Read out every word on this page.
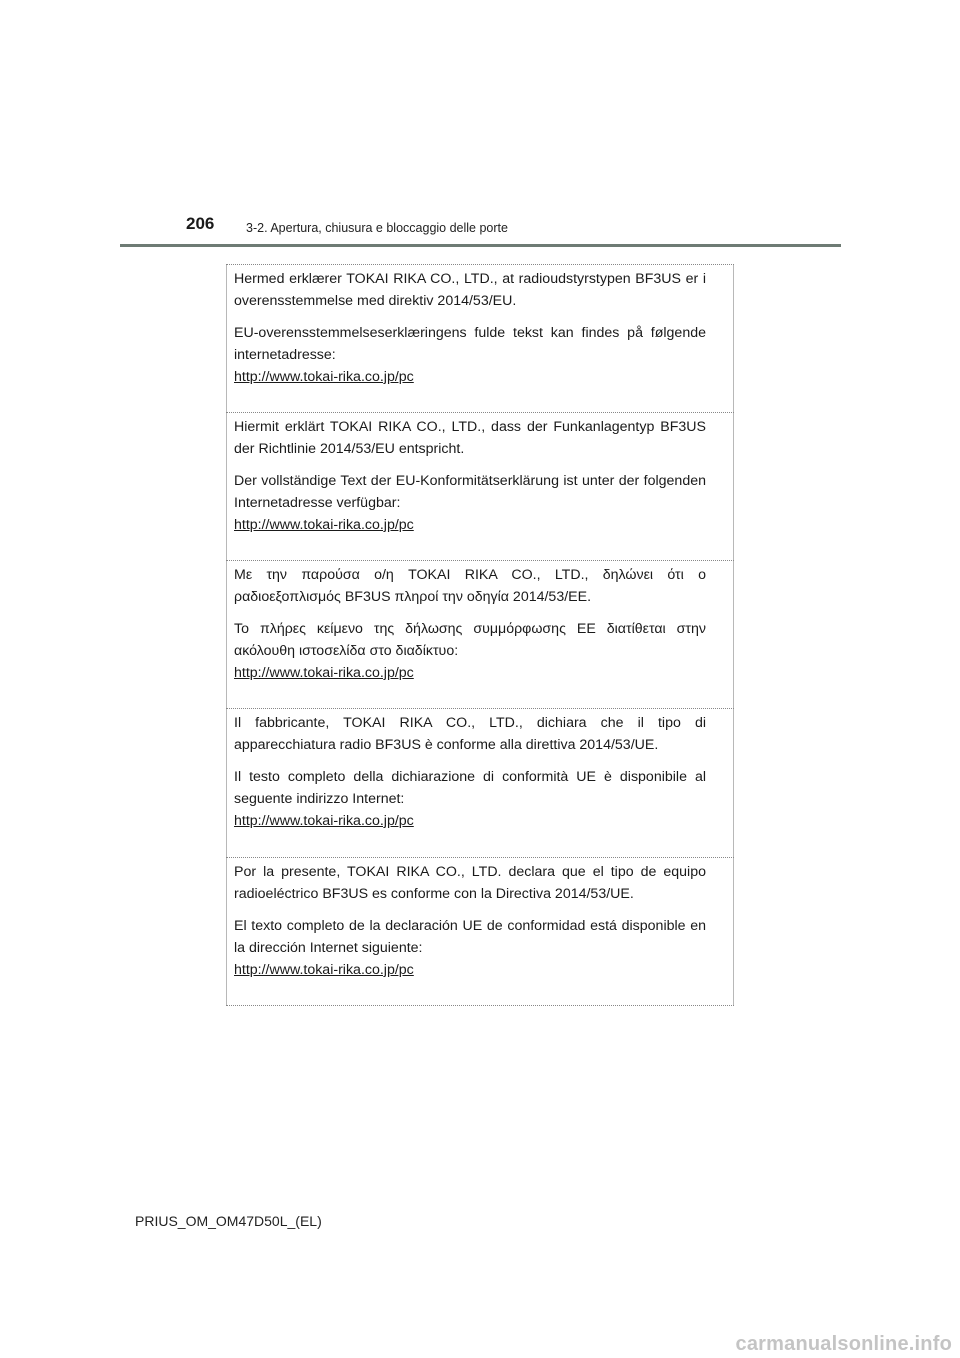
206	3-2. Apertura, chiusura e bloccaggio delle porte

Hermed erklærer TOKAI RIKA CO., LTD., at radioudstyrstypen BF3US er i overensstemmelse med direktiv 2014/53/EU.

EU-overensstemmelseserklæringens fulde tekst kan findes på følgende internetadresse:
http://www.tokai-rika.co.jp/pc

Hiermit erklärt TOKAI RIKA CO., LTD., dass der Funkanlagentyp BF3US der Richtlinie 2014/53/EU entspricht.

Der vollständige Text der EU-Konformitätserklärung ist unter der folgenden Internetadresse verfügbar:
http://www.tokai-rika.co.jp/pc

Με την παρούσα ο/η TOKAI RIKA CO., LTD., δηλώνει ότι ο ραδιοεξοπλισμός BF3US πληροί την οδηγία 2014/53/ΕΕ.

Το πλήρες κείμενο της δήλωσης συμμόρφωσης ΕΕ διατίθεται στην ακόλουθη ιστοσελίδα στο διαδίκτυο:
http://www.tokai-rika.co.jp/pc

Il fabbricante, TOKAI RIKA CO., LTD., dichiara che il tipo di apparecchiatura radio BF3US è conforme alla direttiva 2014/53/UE.

Il testo completo della dichiarazione di conformità UE è disponibile al seguente indirizzo Internet:
http://www.tokai-rika.co.jp/pc

Por la presente, TOKAI RIKA CO., LTD. declara que el tipo de equipo radioeléctrico BF3US es conforme con la Directiva 2014/53/UE.

El texto completo de la declaración UE de conformidad está disponible en la dirección Internet siguiente:
http://www.tokai-rika.co.jp/pc

PRIUS_OM_OM47D50L_(EL)
carmanualsonline.info
